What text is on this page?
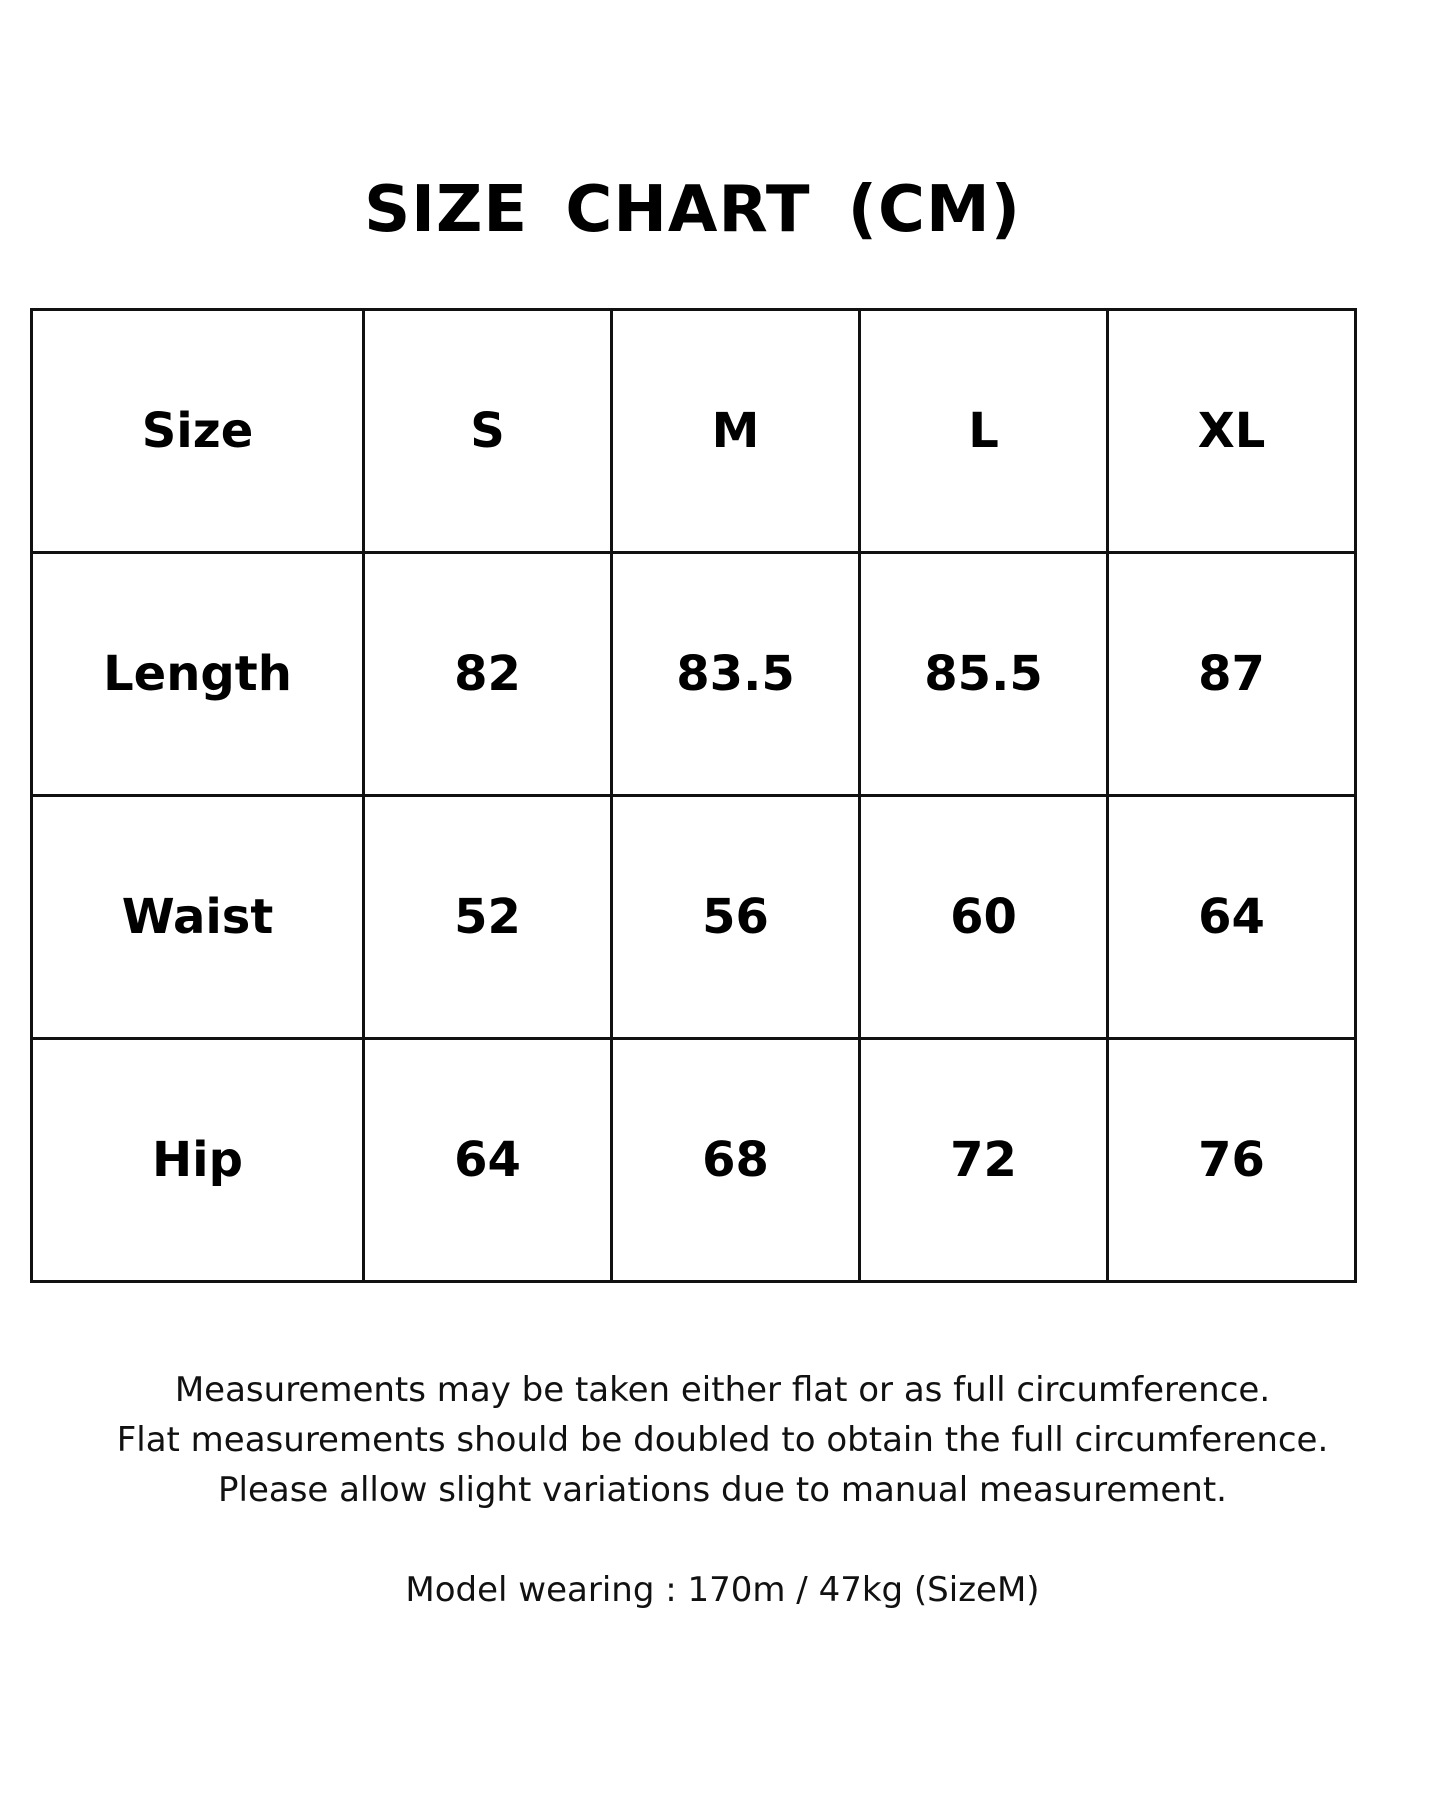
SIZE CHART (CM)
Size	S	M	L	XL
Length	82	83.5	85.5	87
Waist	52	56	60	64
Hip	64	68	72	76
Measurements may be taken either flat or as full circumference.
Flat measurements should be doubled to obtain the full circumference.
Please allow slight variations due to manual measurement.
Model wearing : 170m / 47kg (SizeM)
